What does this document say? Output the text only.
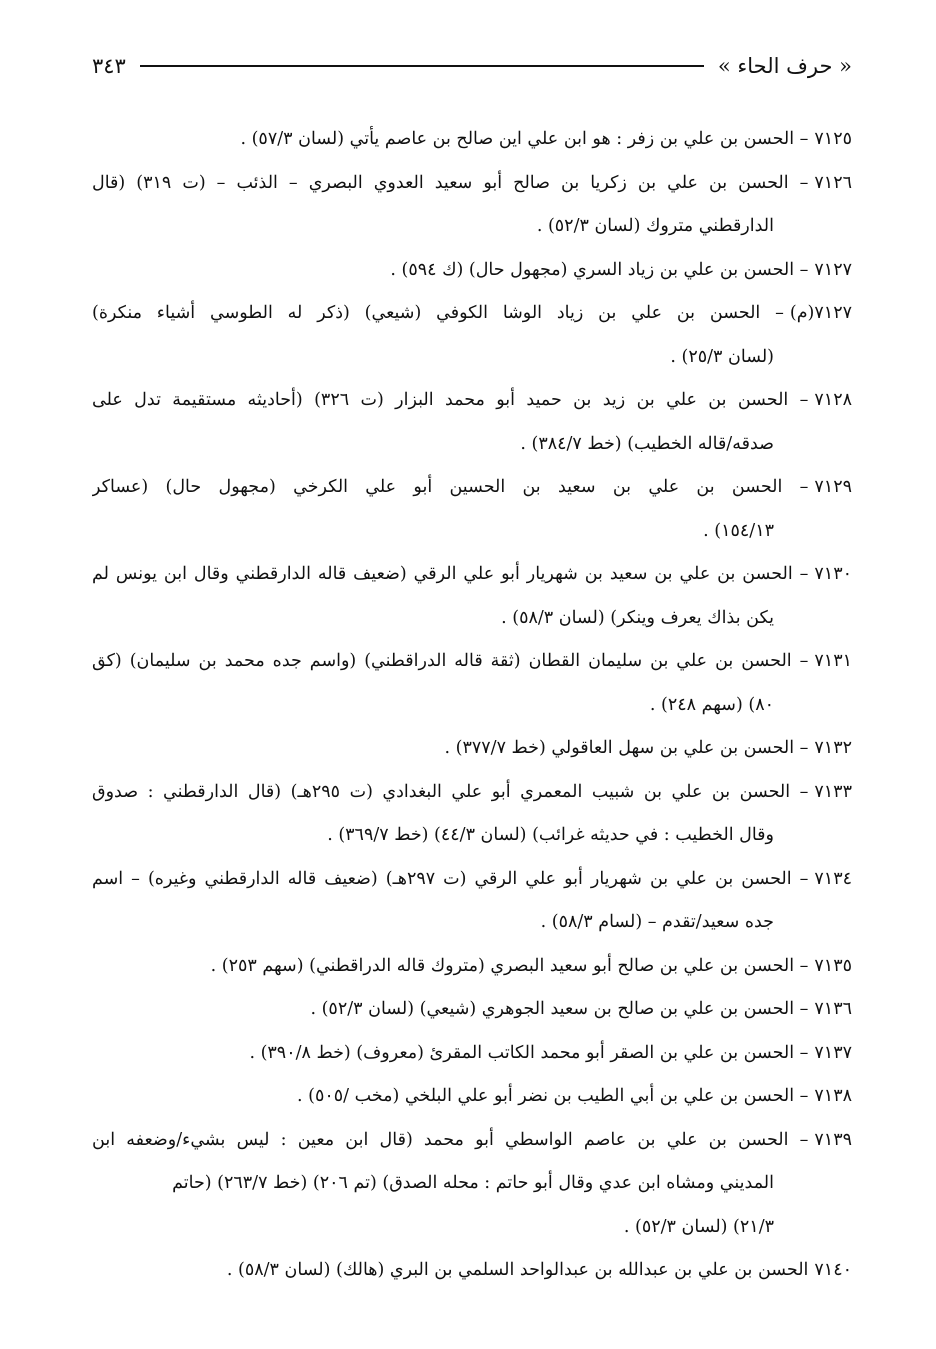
« حرف الحاء »
٣٤٣
٧١٢٥– الحسن بن علي بن زفر : هو ابن علي اين صالح بن عاصم يأتي (لسان ٥٧/٣) .
٧١٢٦– الحسن بن علي بن زكريا بن صالح أبو سعيد العدوي البصري – الذئب – (ت ٣١٩) (قال
الدارقطني متروك (لسان ٥٢/٣) .
٧١٢٧– الحسن بن علي بن زياد السري (مجهول حال) (ك ٥٩٤) .
٧١٢٧(م)– الحسن بن علي بن زياد الوشا الكوفي (شيعي) (ذكر له الطوسي أشياء منكرة)
(لسان ٢٥/٣) .
٧١٢٨– الحسن بن علي بن زيد بن حميد أبو محمد البزار (ت ٣٢٦) (أحاديثه مستقيمة تدل على
صدقه/قاله الخطيب) (خط ٣٨٤/٧) .
٧١٢٩– الحسن بن علي بن سعيد بن الحسين أبو علي الكرخي (مجهول حال) (عساكر
١٥٤/١٣) .
٧١٣٠– الحسن بن علي بن سعيد بن شهريار أبو علي الرقي (ضعيف قاله الدارقطني وقال ابن يونس لم
يكن بذاك يعرف وينكر) (لسان ٥٨/٣) .
٧١٣١– الحسن بن علي بن سليمان القطان (ثقة قاله الدراقطني) (واسم جده محمد بن سليمان) (كق
٨٠) (سهم ٢٤٨) .
٧١٣٢– الحسن بن علي بن سهل العاقولي (خط ٣٧٧/٧) .
٧١٣٣– الحسن بن علي بن شبيب المعمري أبو علي البغدادي (ت ٢٩٥هـ) (قال الدارقطني : صدوق
وقال الخطيب : في حديثه غرائب) (لسان ٤٤/٣) (خط ٣٦٩/٧) .
٧١٣٤– الحسن بن علي بن شهريار أبو علي الرقي (ت ٢٩٧هـ) (ضعيف قاله الدارقطني وغيره) – اسم
جده سعيد/تقدم – (لسام ٥٨/٣) .
٧١٣٥– الحسن بن علي بن صالح أبو سعيد البصري (متروك قاله الدراقطني) (سهم ٢٥٣) .
٧١٣٦– الحسن بن علي بن صالح بن سعيد الجوهري (شيعي) (لسان ٥٢/٣) .
٧١٣٧– الحسن بن علي بن الصقر أبو محمد الكاتب المقرئ (معروف) (خط ٣٩٠/٨) .
٧١٣٨– الحسن بن علي بن أبي الطيب بن نضر أبو علي البلخي (مخب /٥٠٥) .
٧١٣٩– الحسن بن علي بن عاصم الواسطي أبو محمد (قال ابن معين : ليس بشيء/وضعفه ابن
المديني ومشاه ابن عدي وقال أبو حاتم : محله الصدق) (تم ٢٠٦) (خط ٢٦٣/٧) (حاتم
٢١/٣) (لسان ٥٢/٣) .
٧١٤٠الحسن بن علي بن عبدالله بن عبدالواحد السلمي بن البري (هالك) (لسان ٥٨/٣) .
